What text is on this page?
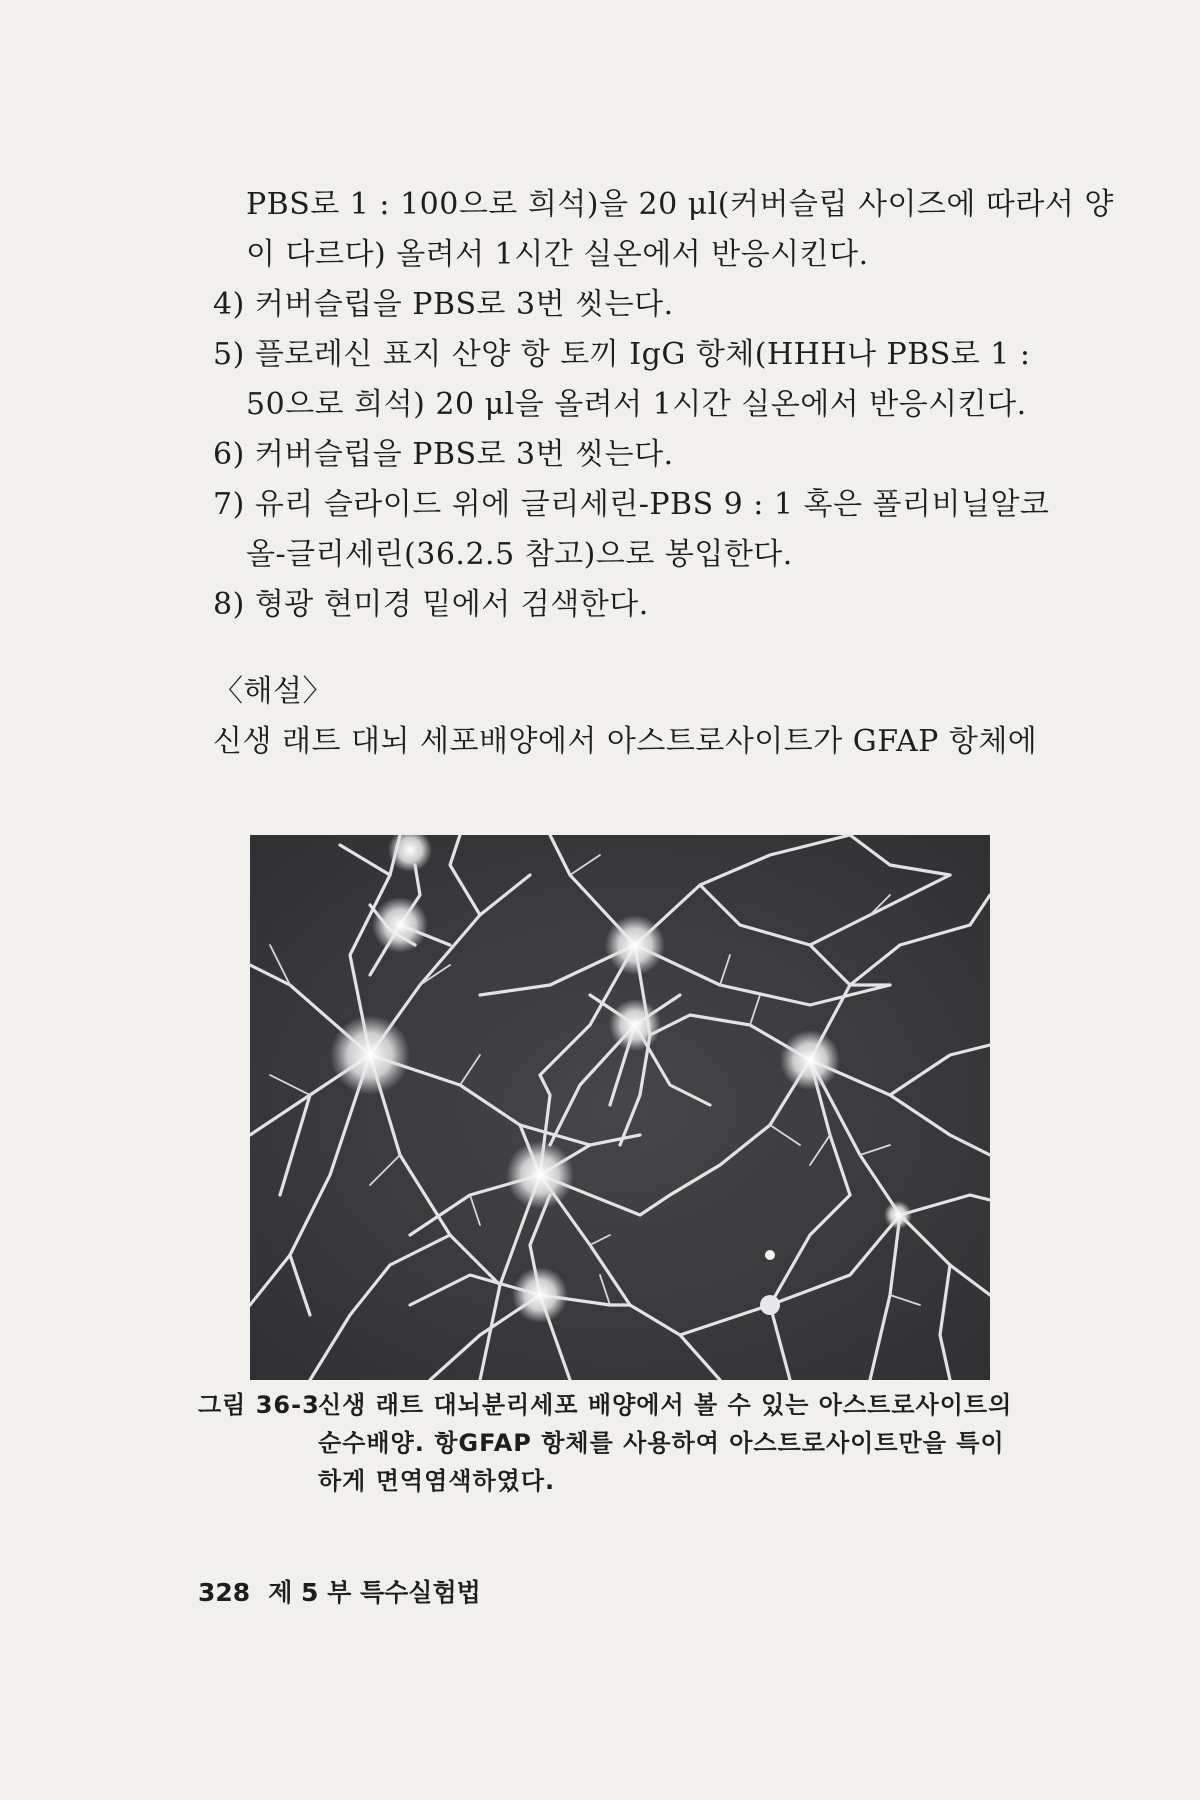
PBS로 1 : 100으로 희석)을 20 μl(커버슬립 사이즈에 따라서 양
이 다르다) 올려서 1시간 실온에서 반응시킨다.
4) 커버슬립을 PBS로 3번 씻는다.
5) 플로레신 표지 산양 항 토끼 IgG 항체(HHH나 PBS로 1 :
50으로 희석) 20 μl을 올려서 1시간 실온에서 반응시킨다.
6) 커버슬립을 PBS로 3번 씻는다.
7) 유리 슬라이드 위에 글리세린-PBS 9 : 1 혹은 폴리비닐알코
올-글리세린(36.2.5 참고)으로 봉입한다.
8) 형광 현미경 밑에서 검색한다.
〈해설〉
신생 래트 대뇌 세포배양에서 아스트로사이트가 GFAP 항체에
그림 36-3
신생 래트 대뇌분리세포 배양에서 볼 수 있는 아스트로사이트의
순수배양. 항GFAP 항체를 사용하여 아스트로사이트만을 특이
하게 면역염색하였다.
328 제 5 부 특수실험법
